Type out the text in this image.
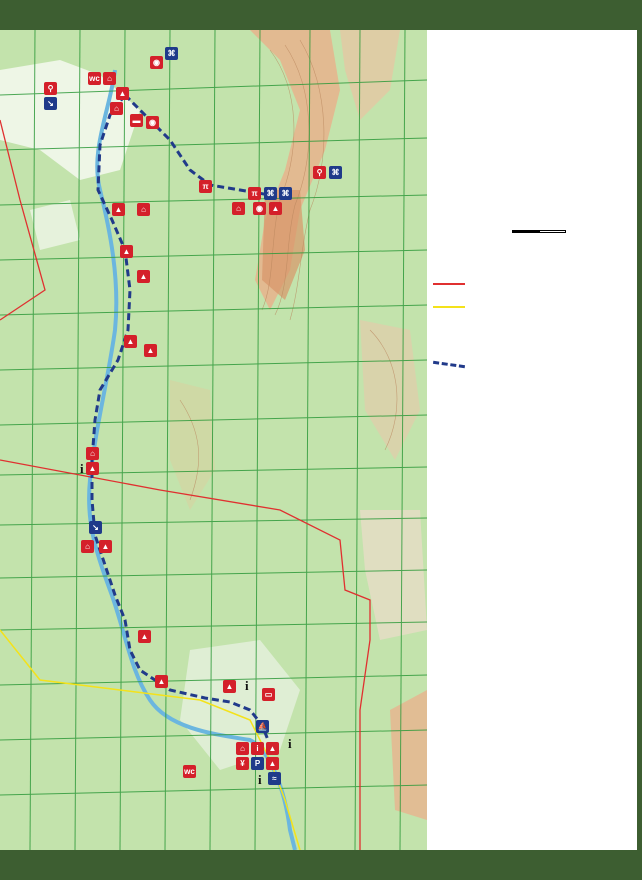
wc ⌂
⚲
↘
▲
⌂
▬	◉
◉
⌘
π
π	⌘ ⌘
⌂	◉	▲
⚲	⌘
▲	⌂
▲
▲
▲
▲
⌂
▲
↘
⌂	▲
▲
▲
▲
▭
⛵
⌂	i	▲
¥	P	▲
≈
wc
i
i
i
i
